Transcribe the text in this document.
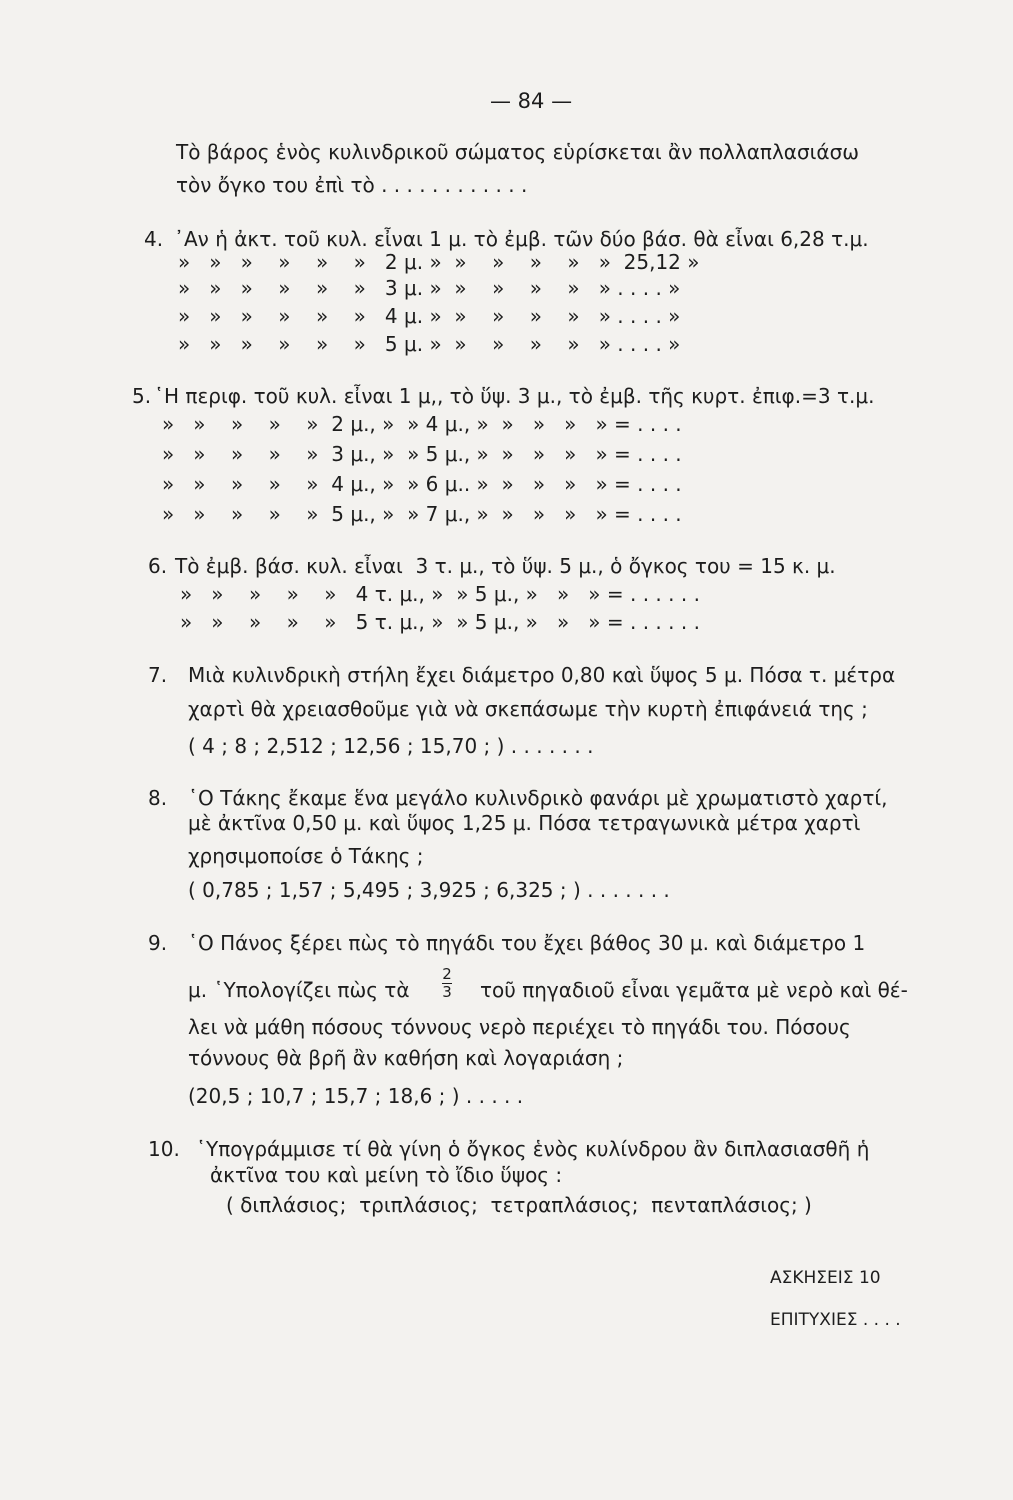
— 84 —
Τὸ βάρος ἑνὸς κυλινδρικοῦ σώματος εὑρίσκεται ἂν πολλαπλασιάσω
τὸν ὄγκο του ἐπὶ τὸ . . . . . . . . . . . .
4. ᾿Αν ἡ ἀκτ. τοῦ κυλ. εἶναι 1 μ. τὸ ἐμβ. τῶν δύο βάσ. θὰ εἶναι 6,28 τ.μ.
»   »   »    »    »    »   2 μ. »  »    »    »    »   »  25,12 »
»   »   »    »    »    »   3 μ. »  »    »    »    »   » . . . . »
»   »   »    »    »    »   4 μ. »  »    »    »    »   » . . . . »
»   »   »    »    »    »   5 μ. »  »    »    »    »   » . . . . »
5. ῾Η περιφ. τοῦ κυλ. εἶναι 1 μ,, τὸ ὕψ. 3 μ., τὸ ἐμβ. τῆς κυρτ. ἐπιφ.=3 τ.μ.
»   »    »    »    »  2 μ., »  » 4 μ., »  »   »   »   » = . . . .
»   »    »    »    »  3 μ., »  » 5 μ., »  »   »   »   » = . . . .
»   »    »    »    »  4 μ., »  » 6 μ.. »  »   »   »   » = . . . .
»   »    »    »    »  5 μ., »  » 7 μ., »  »   »   »   » = . . . .
6. Τὸ ἐμβ. βάσ. κυλ. εἶναι  3 τ. μ., τὸ ὕψ. 5 μ., ὁ ὄγκος του = 15 κ. μ.
»   »    »    »    »   4 τ. μ., »  » 5 μ., »   »   » = . . . . . .
»   »    »    »    »   5 τ. μ., »  » 5 μ., »   »   » = . . . . . .
7. Μιὰ κυλινδρικὴ στήλη ἔχει διάμετρο 0,80 καὶ ὕψος 5 μ. Πόσα τ. μέτρα
χαρτὶ θὰ χρειασθοῦμε γιὰ νὰ σκεπάσωμε τὴν κυρτὴ ἐπιφάνειά της ;
( 4 ; 8 ; 2,512 ; 12,56 ; 15,70 ; ) . . . . . . .
8. ῾Ο Τάκης ἔκαμε ἕνα μεγάλο κυλινδρικὸ φανάρι μὲ χρωματιστὸ χαρτί,
μὲ ἀκτῖνα 0,50 μ. καὶ ὕψος 1,25 μ. Πόσα τετραγωνικὰ μέτρα χαρτὶ
χρησιμοποίσε ὁ Τάκης ;
( 0,785 ; 1,57 ; 5,495 ; 3,925 ; 6,325 ; ) . . . . . . .
9. ῾Ο Πάνος ξέρει πὼς τὸ πηγάδι του ἔχει βάθος 30 μ. καὶ διάμετρο 1
μ. ῾Υπολογίζει πὼς τὰ
2
3 τοῦ πηγαδιοῦ εἶναι γεμᾶτα μὲ νερὸ καὶ θέ-
λει νὰ μάθη πόσους τόννους νερὸ περιέχει τὸ πηγάδι του. Πόσους
τόννους θὰ βρῆ ἂν καθήση καὶ λογαριάση ;
(20,5 ; 10,7 ; 15,7 ; 18,6 ; ) . . . . .
10. ῾Υπογράμμισε τί θὰ γίνη ὁ ὄγκος ἑνὸς κυλίνδρου ἂν διπλασιασθῆ ἡ
ἀκτῖνα του καὶ μείνη τὸ ἴδιο ὕψος :
( διπλάσιος;  τριπλάσιος;  τετραπλάσιος;  πενταπλάσιος; )
ΑΣΚΗΣΕΙΣ 10
ΕΠΙΤΥΧΙΕΣ . . . .
